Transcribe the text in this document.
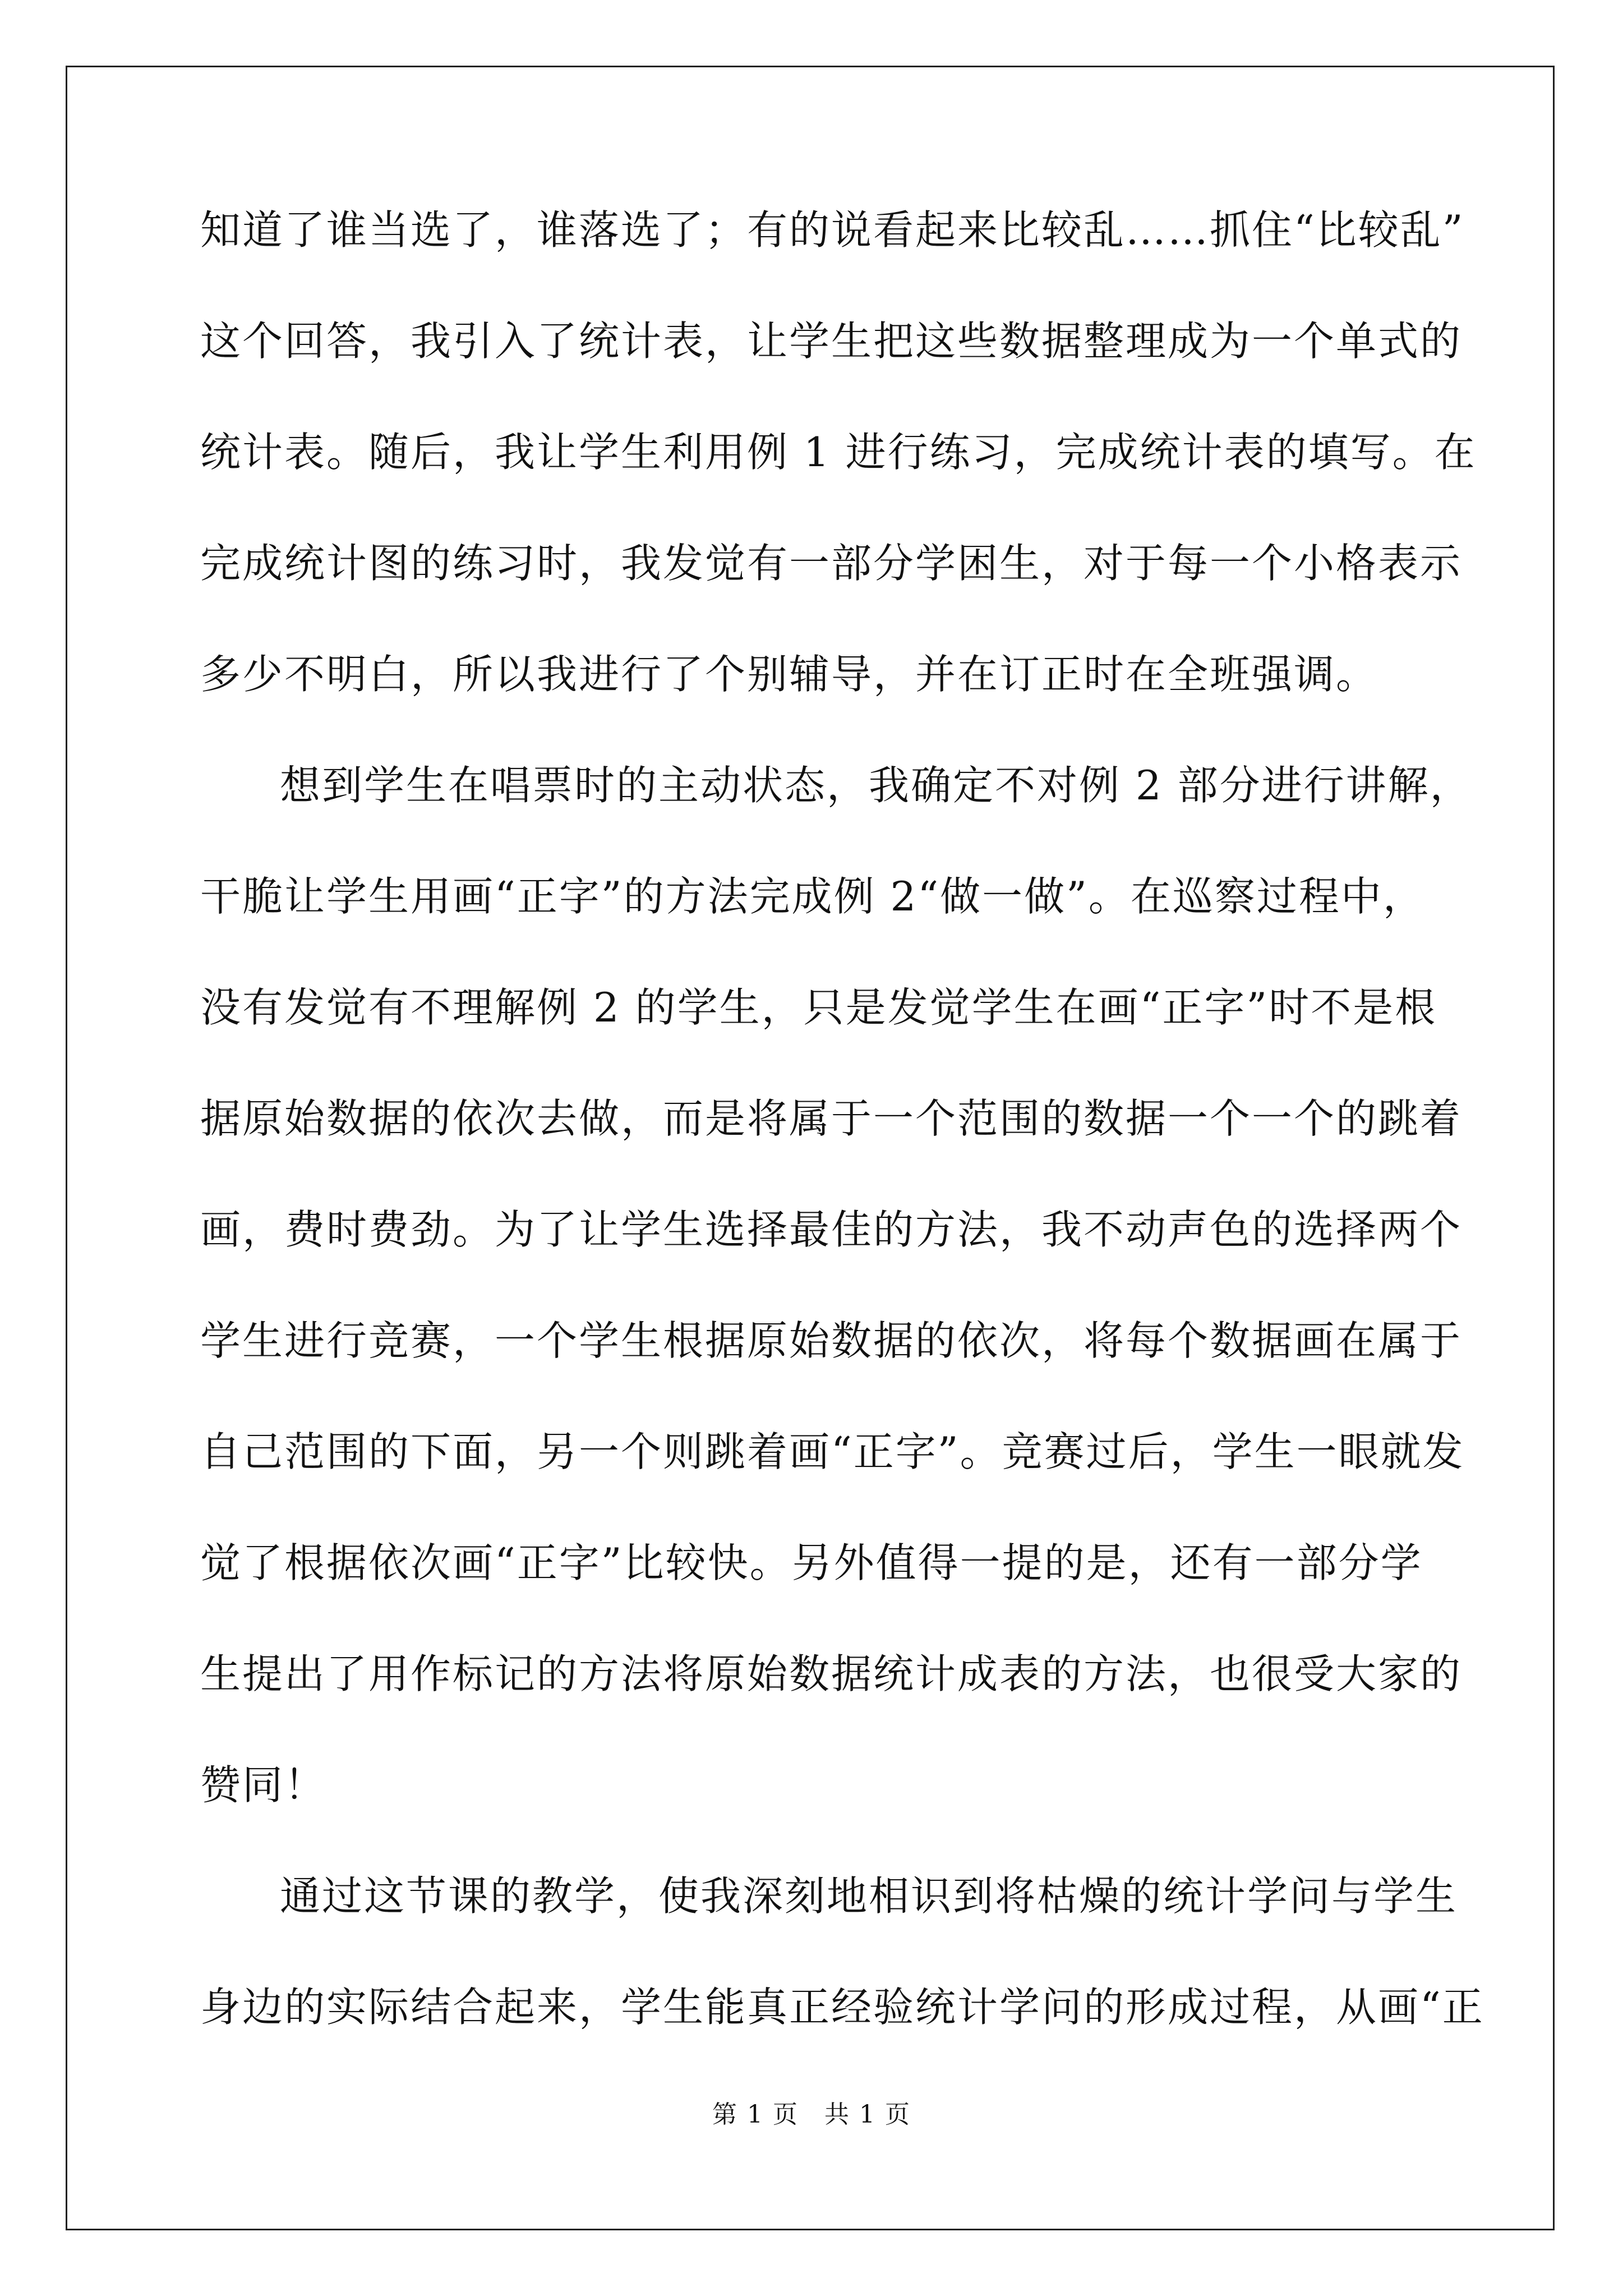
知道了谁当选了，谁落选了；有的说看起来比较乱……抓住“比较乱”
这个回答，我引入了统计表，让学生把这些数据整理成为一个单式的
统计表。随后，我让学生利用例 1 进行练习，完成统计表的填写。在
完成统计图的练习时，我发觉有一部分学困生，对于每一个小格表示
多少不明白，所以我进行了个别辅导，并在订正时在全班强调。
想到学生在唱票时的主动状态，我确定不对例 2 部分进行讲解，
干脆让学生用画“正字”的方法完成例 2“做一做”。在巡察过程中，
没有发觉有不理解例 2 的学生，只是发觉学生在画“正字”时不是根
据原始数据的依次去做，而是将属于一个范围的数据一个一个的跳着
画，费时费劲。为了让学生选择最佳的方法，我不动声色的选择两个
学生进行竞赛，一个学生根据原始数据的依次，将每个数据画在属于
自己范围的下面，另一个则跳着画“正字”。竞赛过后，学生一眼就发
觉了根据依次画“正字”比较快。另外值得一提的是，还有一部分学
生提出了用作标记的方法将原始数据统计成表的方法，也很受大家的
赞同！
通过这节课的教学，使我深刻地相识到将枯燥的统计学问与学生
身边的实际结合起来，学生能真正经验统计学问的形成过程，从画“正
第 1 页　共 1 页
